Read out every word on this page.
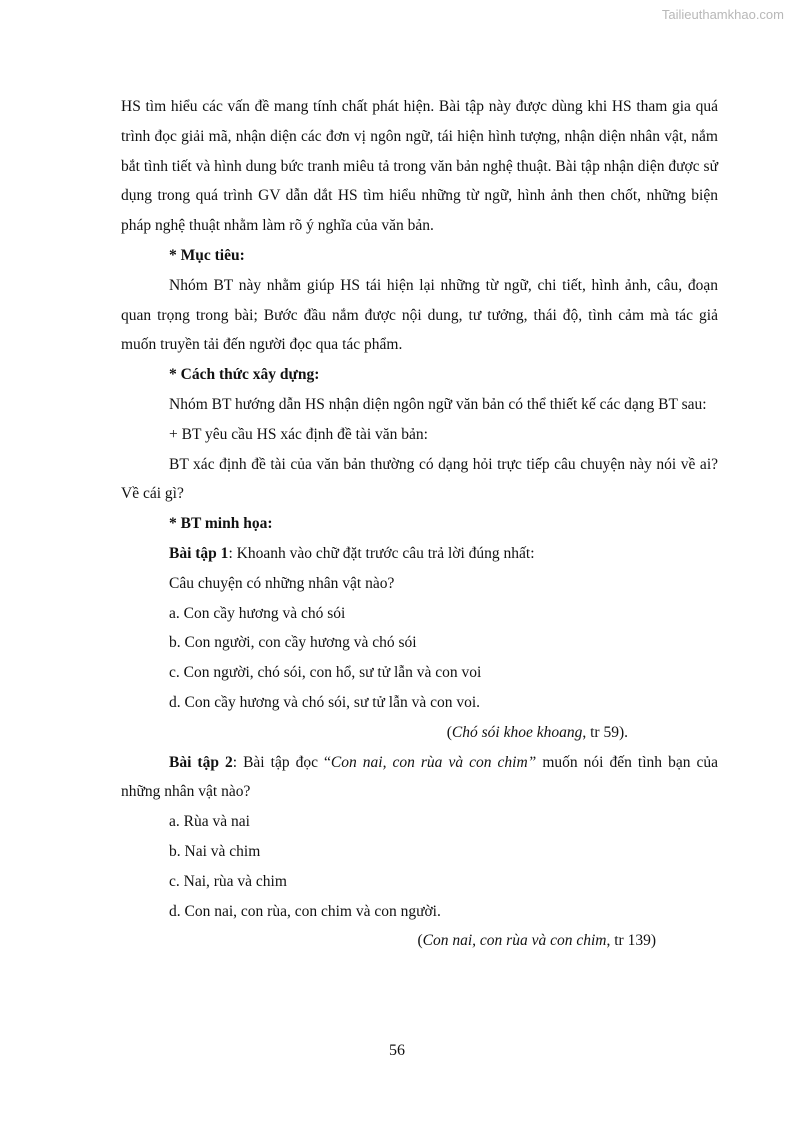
Tailieuthamkhao.com

HS tìm hiểu các vấn đề mang tính chất phát hiện. Bài tập này được dùng khi HS tham gia quá trình đọc giải mã, nhận diện các đơn vị ngôn ngữ, tái hiện hình tượng, nhận diện nhân vật, nắm bắt tình tiết và hình dung bức tranh miêu tả trong văn bản nghệ thuật. Bài tập nhận diện được sử dụng trong quá trình GV dẫn dắt HS tìm hiểu những từ ngữ, hình ảnh then chốt, những biện pháp nghệ thuật nhằm làm rõ ý nghĩa của văn bản.

* Mục tiêu:

Nhóm BT này nhằm giúp HS tái hiện lại những từ ngữ, chi tiết, hình ảnh, câu, đoạn quan trọng trong bài; Bước đầu nắm được nội dung, tư tưởng, thái độ, tình cảm mà tác giả muốn truyền tải đến người đọc qua tác phẩm.

* Cách thức xây dựng:

Nhóm BT hướng dẫn HS nhận diện ngôn ngữ văn bản có thể thiết kế các dạng BT sau:

+ BT yêu cầu HS xác định đề tài văn bản:

BT xác định đề tài của văn bản thường có dạng hỏi trực tiếp câu chuyện này nói về ai? Về cái gì?

* BT minh họa:

Bài tập 1: Khoanh vào chữ đặt trước câu trả lời đúng nhất:

Câu chuyện có những nhân vật nào?

a. Con cầy hương và chó sói

b. Con người, con cầy hương và chó sói

c. Con người, chó sói, con hổ, sư tử lẫn và con voi

d. Con cầy hương và chó sói, sư tử lẫn và con voi.

(Chó sói khoe khoang, tr 59).

Bài tập 2: Bài tập đọc “Con nai, con rùa và con chim” muốn nói đến tình bạn của những nhân vật nào?

a. Rùa và nai

b. Nai và chim

c. Nai, rùa và chim

d. Con nai, con rùa, con chim và con người.

(Con nai, con rùa và con chim, tr 139)

56
